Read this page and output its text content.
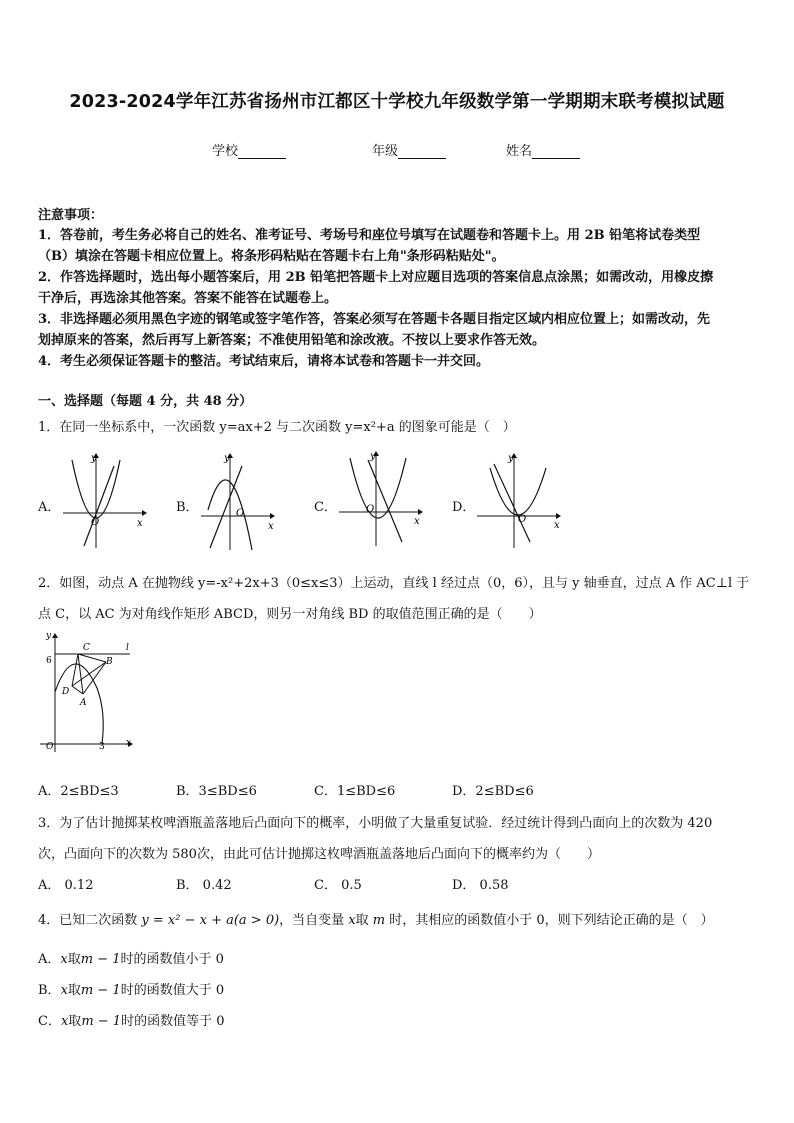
2023-2024学年江苏省扬州市江都区十学校九年级数学第一学期期末联考模拟试题
学校	年级	姓名
注意事项：
1．答卷前，考生务必将自己的姓名、准考证号、考场号和座位号填写在试题卷和答题卡上。用 2B 铅笔将试卷类型
（B）填涂在答题卡相应位置上。将条形码粘贴在答题卡右上角"条形码粘贴处"。
2．作答选择题时，选出每小题答案后，用 2B 铅笔把答题卡上对应题目选项的答案信息点涂黑；如需改动，用橡皮擦
干净后，再选涂其他答案。答案不能答在试题卷上。
3．非选择题必须用黑色字迹的钢笔或签字笔作答，答案必须写在答题卡各题目指定区域内相应位置上；如需改动，先
划掉原来的答案，然后再写上新答案；不准使用铅笔和涂改液。不按以上要求作答无效。
4．考生必须保证答题卡的整洁。考试结束后，请将本试卷和答题卡一并交回。
一、选择题（每题 4 分，共 48 分）
1．在同一坐标系中，一次函数 y=ax+2 与二次函数 y=x²+a 的图象可能是（　）
A．
y
x
O
B．
y
x
O	C．
y
x
O	D．
y
x
O
2．如图，动点 A 在抛物线 y=-x²+2x+3（0≤x≤3）上运动，直线 l 经过点（0，6），且与 y 轴垂直，过点 A 作 AC⊥l 于
点 C，以 AC 为对角线作矩形 ABCD，则另一对角线 BD 的取值范围正确的是（　　）
y
x
O
6
3
C
B
D
A
l
A．2≤BD≤3	B．3≤BD≤6	C．1≤BD≤6	D．2≤BD≤6
3．为了估计抛掷某枚啤酒瓶盖落地后凸面向下的概率，小明做了大量重复试验．经过统计得到凸面向上的次数为 420
次，凸面向下的次数为 580次，由此可估计抛掷这枚啤酒瓶盖落地后凸面向下的概率约为（　　）
A． 0.12	B． 0.42	C． 0.5	D． 0.58
4．已知二次函数 y = x² − x + a(a > 0)，当自变量 x取 m 时，其相应的函数值小于 0，则下列结论正确的是（　）
A．x取m − 1时的函数值小于 0
B．x取m − 1时的函数值大于 0
C．x取m − 1时的函数值等于 0
